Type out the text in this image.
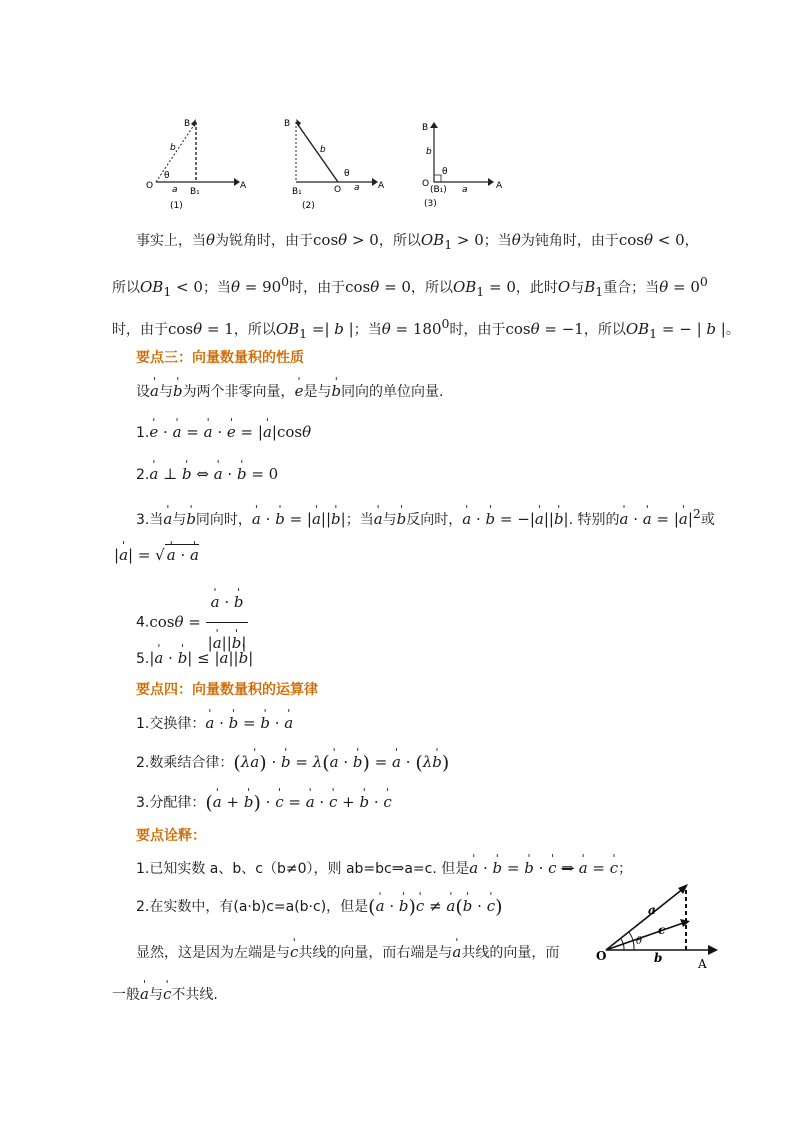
B
b
θ
O a B₁
A
(1)
B
b
θ
B₁	O a A
(2)
B
b
θ
O
(B₁) a	A
(3)
事实上，当θ为锐角时，由于cosθ > 0，所以$OB_1 > 0$；当θ为钝角时，由于cosθ < 0，
所以$OB_1 < 0$；当$\theta = 90^0$时，由于cosθ = 0，所以$OB_1 = 0$，此时O与$B_1$重合；当$\theta = 0^0$
时，由于cosθ = 1，所以$OB_1$ =| b |；当$\theta = 180^0$时，由于cosθ = −1，所以$OB_1$ = − | b |。
要点三：向量数量积的性质
设' a与' b为两个非零向量，' e是与' b同向的单位向量.
1.' e · ' a = ' a · ' e = |' a|cosθ
2.' a ⊥ ' b ⇔ ' a · ' b = 0
3.当' a与' b同向时，' a · ' b = |' a||' b|；当' a与' b反向时，' a · ' b = −|' a||' b|. 特别的' a · ' a = |' $a|^2$或
|' a| = √ ' a · ' a
4.cosθ = ' $\frac{a \cdot ' b}{|' a||' b|}$
5.|' a · ' b| ≤ |' a||' b|
要点四：向量数量积的运算律
1.交换律：' a · ' b = ' b · ' a
2.数乘结合律：(λ' a) · ' b = λ(' a · ' b) = ' a · (λ' b)
3.分配律：(' a + ' b) · ' c = ' a · ' c + ' b · ' c
要点诠释：
1.已知实数 a、b、c（b≠0），则 ab=bc⇒a=c. 但是' a · ' b = ' b · ' c ⇒ ' a = ' c；
2.在实数中，有(a·b)c=a(b·c)，但是(' a · ' b)' c ≠ ' a(' b · ' c)
显然，这是因为左端是与' c共线的向量，而右端是与' a共线的向量，而
一般' a与' c不共线.
O
A
a
c
b
θ
